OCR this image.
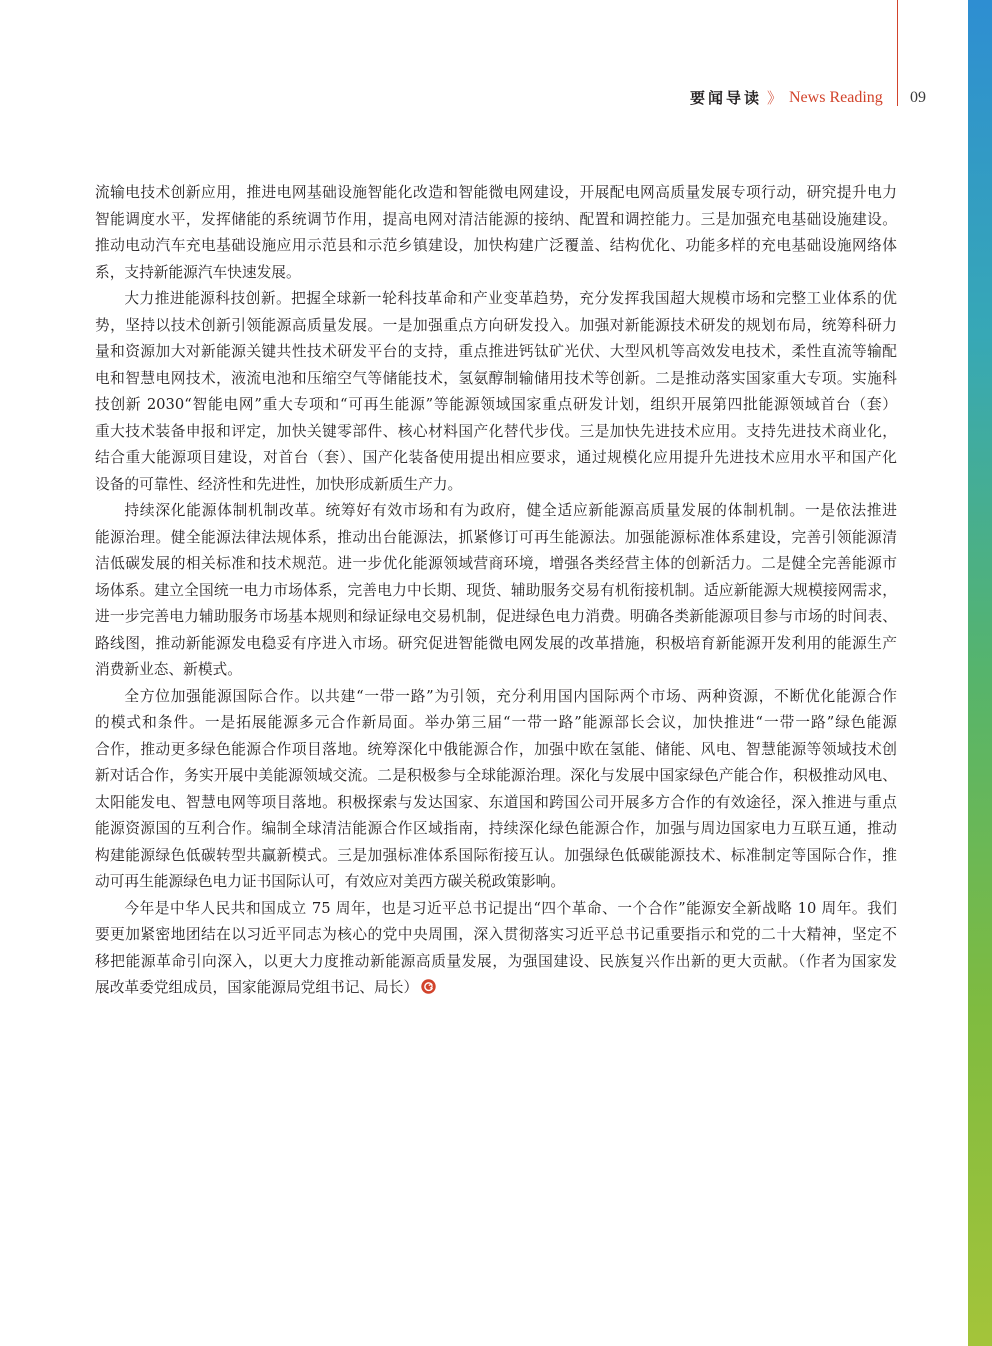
要闻导读 》 News Reading 09
流输电技术创新应用，推进电网基础设施智能化改造和智能微电网建设，开展配电网高质量发展专项行动，研究提升电力
智能调度水平，发挥储能的系统调节作用，提高电网对清洁能源的接纳、配置和调控能力。三是加强充电基础设施建设。
推动电动汽车充电基础设施应用示范县和示范乡镇建设，加快构建广泛覆盖、结构优化、功能多样的充电基础设施网络体
系，支持新能源汽车快速发展。
大力推进能源科技创新。把握全球新一轮科技革命和产业变革趋势，充分发挥我国超大规模市场和完整工业体系的优
势，坚持以技术创新引领能源高质量发展。一是加强重点方向研发投入。加强对新能源技术研发的规划布局，统筹科研力
量和资源加大对新能源关键共性技术研发平台的支持，重点推进钙钛矿光伏、大型风机等高效发电技术，柔性直流等输配
电和智慧电网技术，液流电池和压缩空气等储能技术，氢氨醇制输储用技术等创新。二是推动落实国家重大专项。实施科
技创新 2030“智能电网”重大专项和“可再生能源”等能源领域国家重点研发计划，组织开展第四批能源领域首台（套）
重大技术装备申报和评定，加快关键零部件、核心材料国产化替代步伐。三是加快先进技术应用。支持先进技术商业化，
结合重大能源项目建设，对首台（套）、国产化装备使用提出相应要求，通过规模化应用提升先进技术应用水平和国产化
设备的可靠性、经济性和先进性，加快形成新质生产力。
持续深化能源体制机制改革。统筹好有效市场和有为政府，健全适应新能源高质量发展的体制机制。一是依法推进
能源治理。健全能源法律法规体系，推动出台能源法，抓紧修订可再生能源法。加强能源标准体系建设，完善引领能源清
洁低碳发展的相关标准和技术规范。进一步优化能源领域营商环境，增强各类经营主体的创新活力。二是健全完善能源市
场体系。建立全国统一电力市场体系，完善电力中长期、现货、辅助服务交易有机衔接机制。适应新能源大规模接网需求，
进一步完善电力辅助服务市场基本规则和绿证绿电交易机制，促进绿色电力消费。明确各类新能源项目参与市场的时间表、
路线图，推动新能源发电稳妥有序进入市场。研究促进智能微电网发展的改革措施，积极培育新能源开发利用的能源生产
消费新业态、新模式。
全方位加强能源国际合作。以共建“一带一路”为引领，充分利用国内国际两个市场、两种资源，不断优化能源合作
的模式和条件。一是拓展能源多元合作新局面。举办第三届“一带一路”能源部长会议，加快推进“一带一路”绿色能源
合作，推动更多绿色能源合作项目落地。统筹深化中俄能源合作，加强中欧在氢能、储能、风电、智慧能源等领域技术创
新对话合作，务实开展中美能源领域交流。二是积极参与全球能源治理。深化与发展中国家绿色产能合作，积极推动风电、
太阳能发电、智慧电网等项目落地。积极探索与发达国家、东道国和跨国公司开展多方合作的有效途径，深入推进与重点
能源资源国的互利合作。编制全球清洁能源合作区域指南，持续深化绿色能源合作，加强与周边国家电力互联互通，推动
构建能源绿色低碳转型共赢新模式。三是加强标准体系国际衔接互认。加强绿色低碳能源技术、标准制定等国际合作，推
动可再生能源绿色电力证书国际认可，有效应对美西方碳关税政策影响。
今年是中华人民共和国成立 75 周年，也是习近平总书记提出“四个革命、一个合作”能源安全新战略 10 周年。我们
要更加紧密地团结在以习近平同志为核心的党中央周围，深入贯彻落实习近平总书记重要指示和党的二十大精神，坚定不
移把能源革命引向深入，以更大力度推动新能源高质量发展，为强国建设、民族复兴作出新的更大贡献。（作者为国家发
展改革委党组成员，国家能源局党组书记、局长）
